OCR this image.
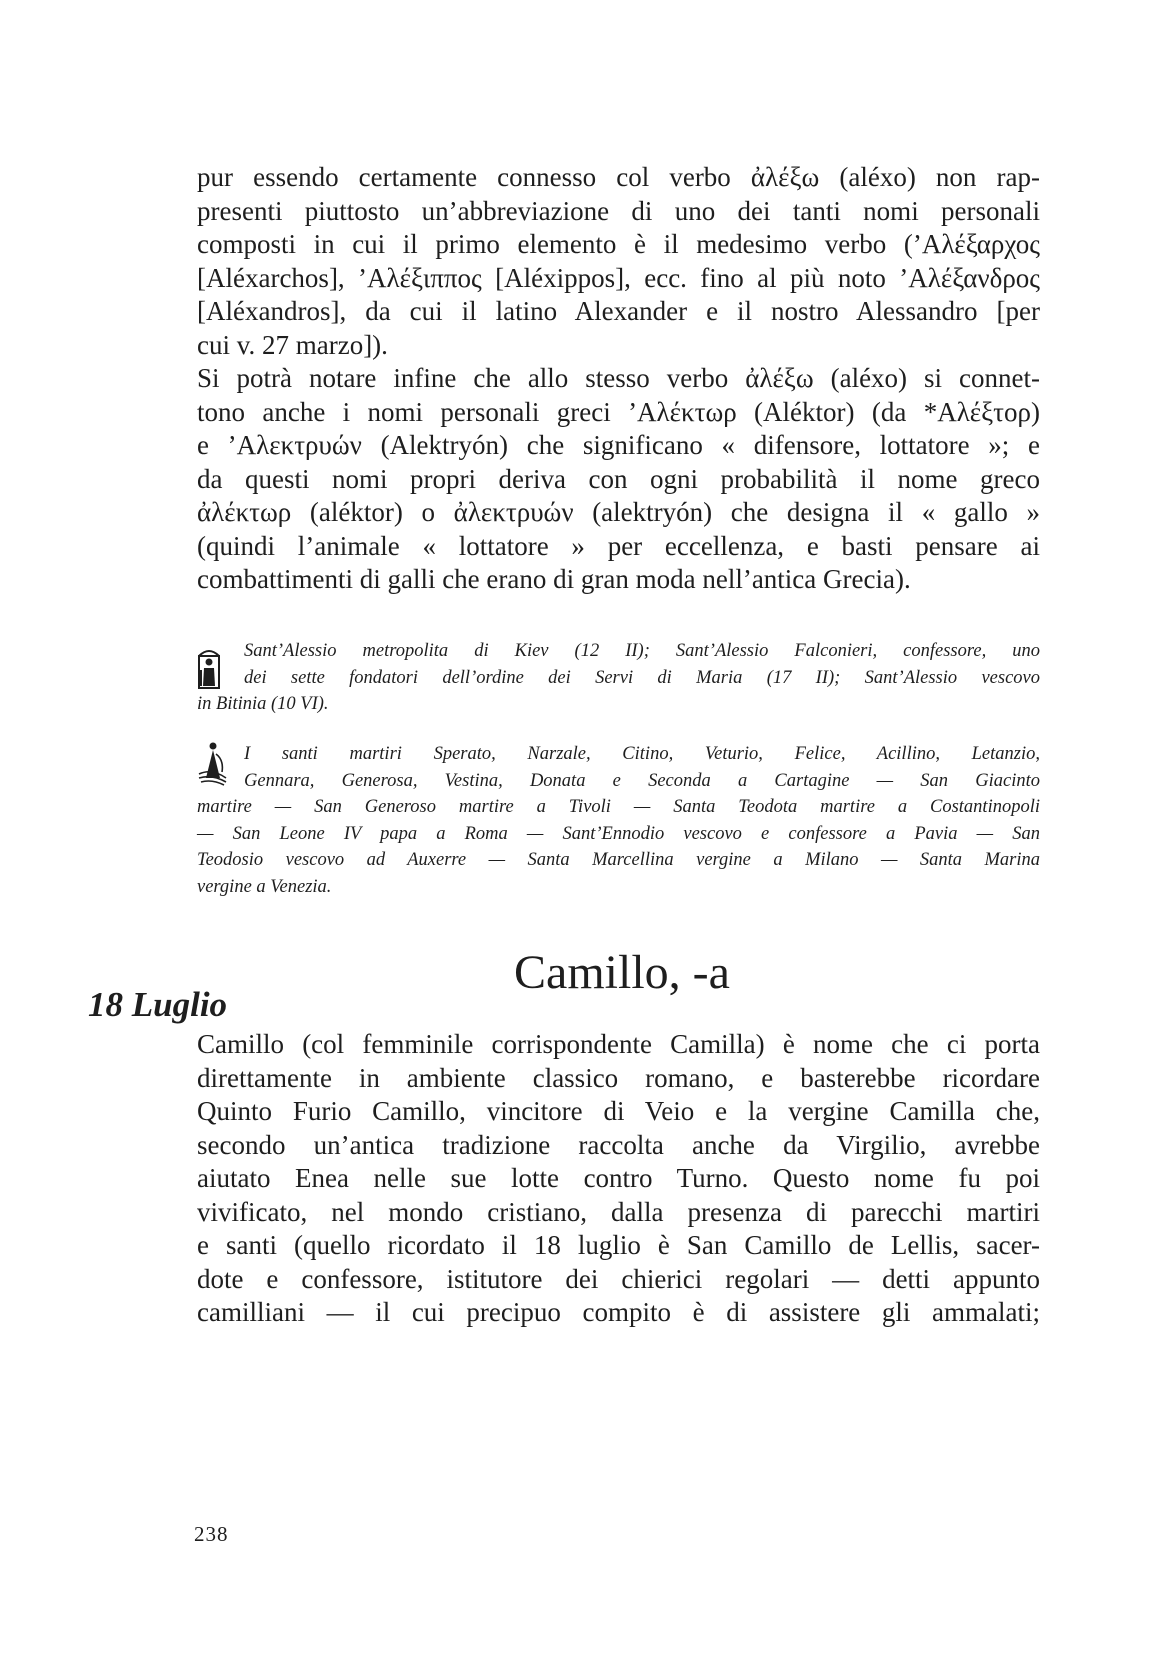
pur essendo certamente connesso col verbo ἀλέξω (aléxo) non rap-
presenti piuttosto un’abbreviazione di uno dei tanti nomi personali
composti in cui il primo elemento è il medesimo verbo (’Αλέξαρχος
[Aléxarchos], ’Αλέξιππος [Aléxippos], ecc. fino al più noto ’Αλέξανδρος
[Aléxandros], da cui il latino Alexander e il nostro Alessandro [per
cui v. 27 marzo]).
Si potrà notare infine che allo stesso verbo ἀλέξω (aléxo) si connet-
tono anche i nomi personali greci ’Αλέκτωρ (Aléktor) (da *Αλέξτορ)
e ’Αλεκτρυών (Alektryón) che significano « difensore, lottatore »; e
da questi nomi propri deriva con ogni probabilità il nome greco
ἀλέκτωρ (aléktor) o ἀλεκτρυών (alektryón) che designa il « gallo »
(quindi l’animale « lottatore » per eccellenza, e basti pensare ai
combattimenti di galli che erano di gran moda nell’antica Grecia).
Sant’Alessio metropolita di Kiev (12 II); Sant’Alessio Falconieri, confessore, uno
dei sette fondatori dell’ordine dei Servi di Maria (17 II); Sant’Alessio vescovo
in Bitinia (10 VI).
I santi martiri Sperato, Narzale, Citino, Veturio, Felice, Acillino, Letanzio,
Gennara, Generosa, Vestina, Donata e Seconda a Cartagine — San Giacinto
martire — San Generoso martire a Tivoli — Santa Teodota martire a Costantinopoli
— San Leone IV papa a Roma — Sant’Ennodio vescovo e confessore a Pavia — San
Teodosio vescovo ad Auxerre — Santa Marcellina vergine a Milano — Santa Marina
vergine a Venezia.
Camillo, -a
18 Luglio
Camillo (col femminile corrispondente Camilla) è nome che ci porta
direttamente in ambiente classico romano, e basterebbe ricordare
Quinto Furio Camillo, vincitore di Veio e la vergine Camilla che,
secondo un’antica tradizione raccolta anche da Virgilio, avrebbe
aiutato Enea nelle sue lotte contro Turno. Questo nome fu poi
vivificato, nel mondo cristiano, dalla presenza di parecchi martiri
e santi (quello ricordato il 18 luglio è San Camillo de Lellis, sacer-
dote e confessore, istitutore dei chierici regolari — detti appunto
camilliani — il cui precipuo compito è di assistere gli ammalati;
238
